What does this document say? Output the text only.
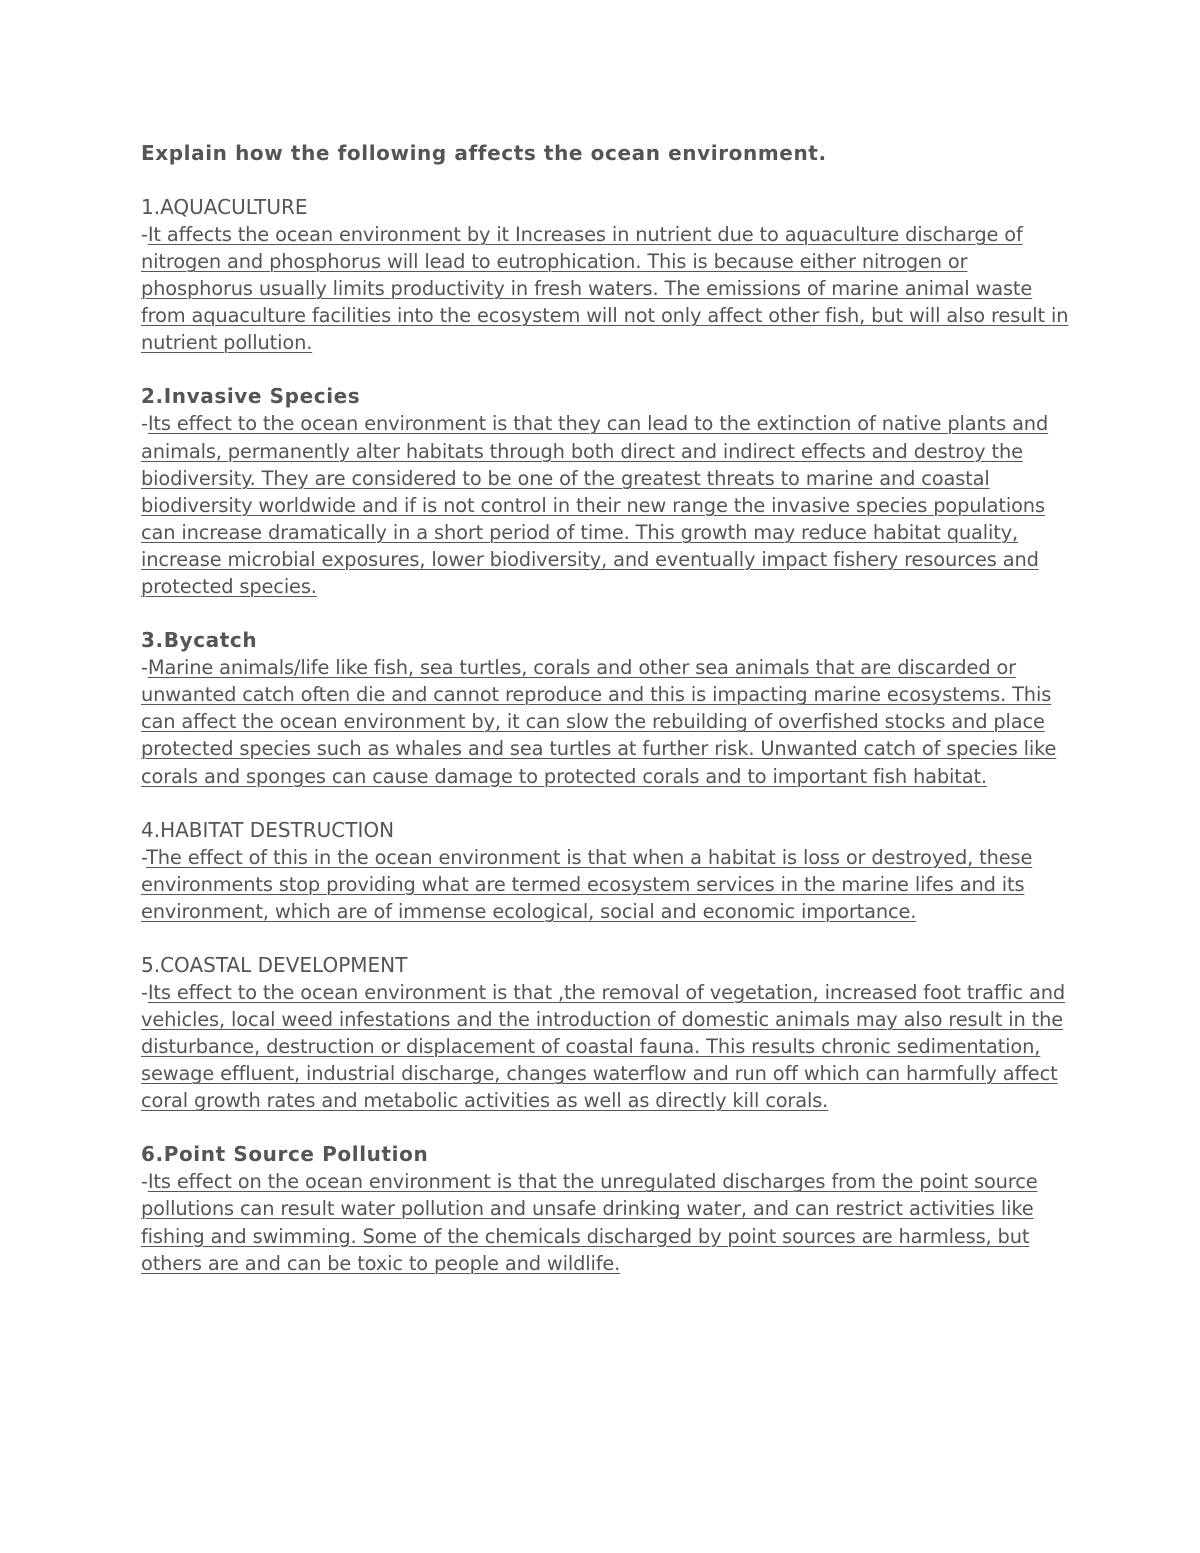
Explain how the following affects the ocean environment.

1.AQUACULTURE

-It affects the ocean environment by it Increases in nutrient due to aquaculture discharge of nitrogen and phosphorus will lead to eutrophication. This is because either nitrogen or phosphorus usually limits productivity in fresh waters. The emissions of marine animal waste from aquaculture facilities into the ecosystem will not only affect other fish, but will also result in nutrient pollution.

2.Invasive Species

-Its effect to the ocean environment is that they can lead to the extinction of native plants and animals, permanently alter habitats through both direct and indirect effects and destroy the biodiversity. They are considered to be one of the greatest threats to marine and coastal biodiversity worldwide and if is not control in their new range the invasive species populations can increase dramatically in a short period of time. This growth may reduce habitat quality, increase microbial exposures, lower biodiversity, and eventually impact fishery resources and protected species.

3.Bycatch

-Marine animals/life like fish, sea turtles, corals and other sea animals that are discarded or unwanted catch often die and cannot reproduce and this is impacting marine ecosystems. This can affect the ocean environment by, it can slow the rebuilding of overfished stocks and place protected species such as whales and sea turtles at further risk. Unwanted catch of species like corals and sponges can cause damage to protected corals and to important fish habitat.

4.HABITAT DESTRUCTION

-The effect of this in the ocean environment is that when a habitat is loss or destroyed, these environments stop providing what are termed ecosystem services in the marine lifes and its environment, which are of immense ecological, social and economic importance.

5.COASTAL DEVELOPMENT

-Its effect to the ocean environment is that ,the removal of vegetation, increased foot traffic and vehicles, local weed infestations and the introduction of domestic animals may also result in the disturbance, destruction or displacement of coastal fauna. This results chronic sedimentation, sewage effluent, industrial discharge, changes waterflow and run off which can harmfully affect coral growth rates and metabolic activities as well as directly kill corals.

6.Point Source Pollution

-Its effect on the ocean environment is that the unregulated discharges from the point source pollutions can result water pollution and unsafe drinking water, and can restrict activities like fishing and swimming. Some of the chemicals discharged by point sources are harmless, but others are and can be toxic to people and wildlife.
